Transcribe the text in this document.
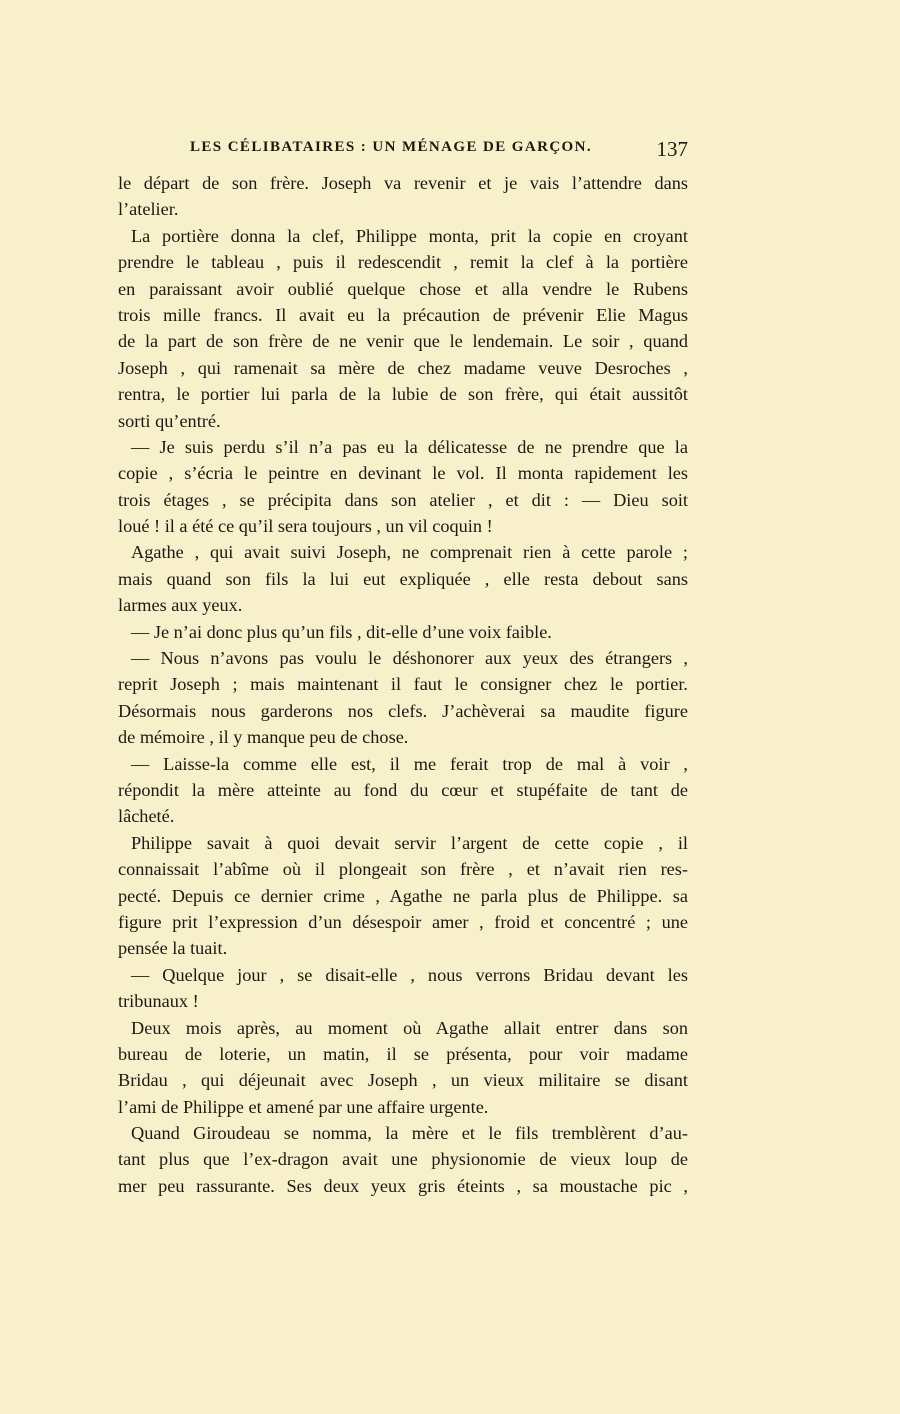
LES CÉLIBATAIRES : UN MÉNAGE DE GARÇON.	137
le départ de son frère. Joseph va revenir et je vais l’attendre dans
l’atelier.
La portière donna la clef, Philippe monta, prit la copie en croyant
prendre le tableau , puis il redescendit , remit la clef à la portière
en paraissant avoir oublié quelque chose et alla vendre le Rubens
trois mille francs. Il avait eu la précaution de prévenir Elie Magus
de la part de son frère de ne venir que le lendemain. Le soir , quand
Joseph , qui ramenait sa mère de chez madame veuve Desroches ,
rentra, le portier lui parla de la lubie de son frère, qui était aussitôt
sorti qu’entré.
— Je suis perdu s’il n’a pas eu la délicatesse de ne prendre que la
copie , s’écria le peintre en devinant le vol. Il monta rapidement les
trois étages , se précipita dans son atelier , et dit : — Dieu soit
loué ! il a été ce qu’il sera toujours , un vil coquin !
Agathe , qui avait suivi Joseph, ne comprenait rien à cette parole ;
mais quand son fils la lui eut expliquée , elle resta debout sans
larmes aux yeux.
— Je n’ai donc plus qu’un fils , dit-elle d’une voix faible.
— Nous n’avons pas voulu le déshonorer aux yeux des étrangers ,
reprit Joseph ; mais maintenant il faut le consigner chez le portier.
Désormais nous garderons nos clefs. J’achèverai sa maudite figure
de mémoire , il y manque peu de chose.
— Laisse-la comme elle est, il me ferait trop de mal à voir ,
répondit la mère atteinte au fond du cœur et stupéfaite de tant de
lâcheté.
Philippe savait à quoi devait servir l’argent de cette copie , il
connaissait l’abîme où il plongeait son frère , et n’avait rien res-
pecté. Depuis ce dernier crime , Agathe ne parla plus de Philippe. sa
figure prit l’expression d’un désespoir amer , froid et concentré ; une
pensée la tuait.
— Quelque jour , se disait-elle , nous verrons Bridau devant les
tribunaux !
Deux mois après, au moment où Agathe allait entrer dans son
bureau de loterie, un matin, il se présenta, pour voir madame
Bridau , qui déjeunait avec Joseph , un vieux militaire se disant
l’ami de Philippe et amené par une affaire urgente.
Quand Giroudeau se nomma, la mère et le fils tremblèrent d’au-
tant plus que l’ex-dragon avait une physionomie de vieux loup de
mer peu rassurante. Ses deux yeux gris éteints , sa moustache pic ,
